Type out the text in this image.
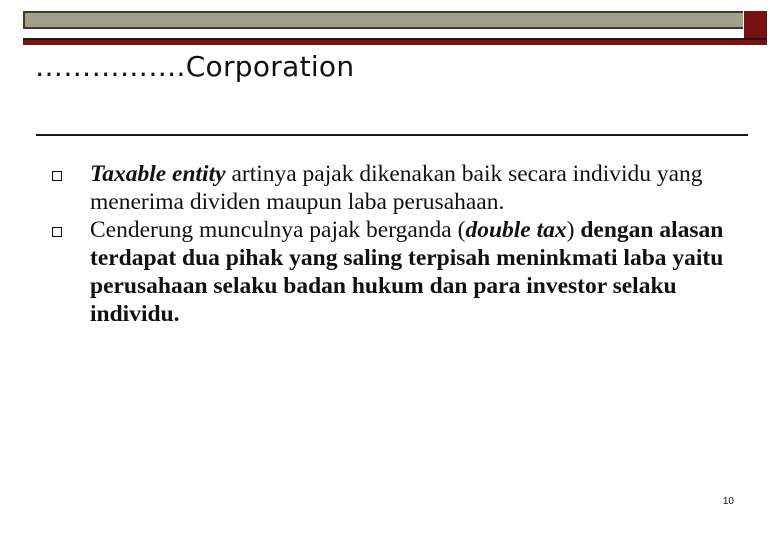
…………….Corporation

Taxable entity artinya pajak dikenakan baik secara individu yang menerima dividen maupun laba perusahaan.

Cenderung munculnya pajak berganda (double tax) dengan alasan terdapat dua pihak yang saling terpisah meninkmati laba yaitu perusahaan selaku badan hukum dan para investor selaku individu.

10
